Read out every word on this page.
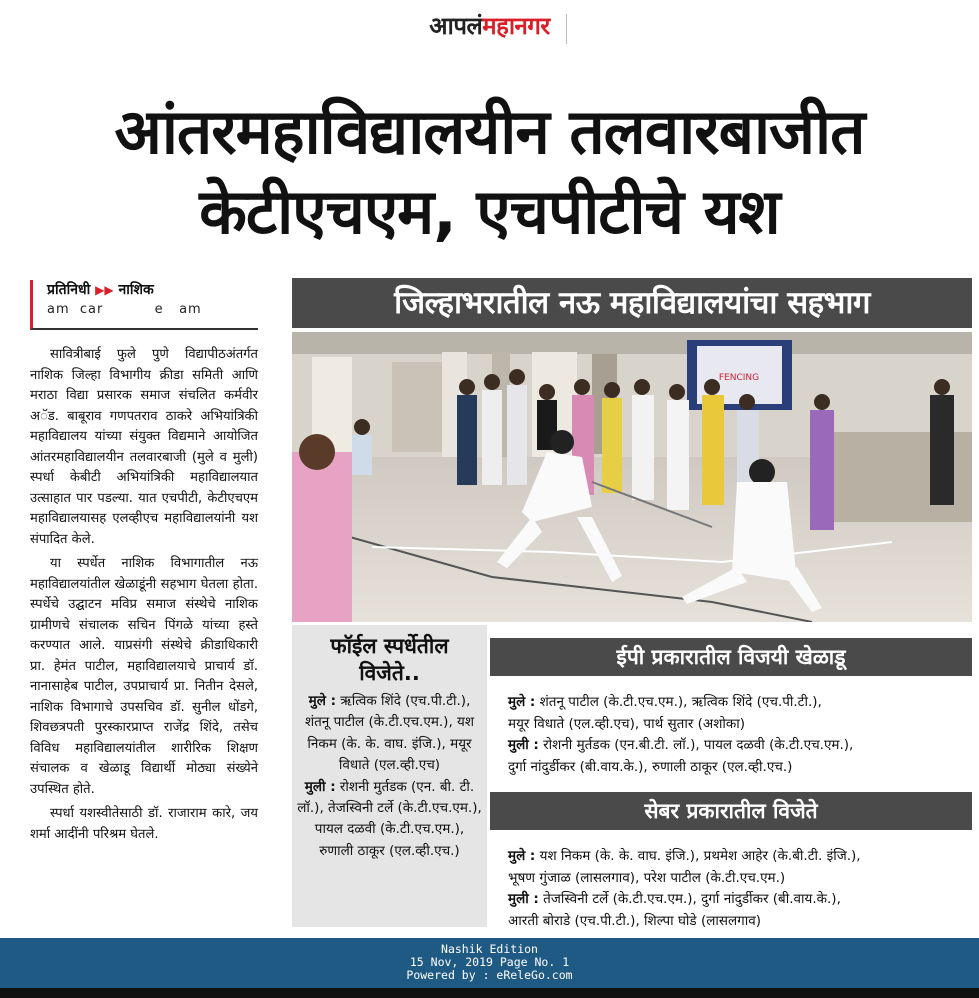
आपलंमहानगर
आंतरमहाविद्यालयीन तलवारबाजीत
केटीएचएम, एचपीटीचे यश
प्रतिनिधी ▶▶ नाशिक
am  car          e   am

सावित्रीबाई फुले पुणे विद्यापीठअंतर्गत नाशिक जिल्हा विभागीय क्रीडा समिती आणि मराठा विद्या प्रसारक समाज संचलित कर्मवीर अॅड. बाबूराव गणपतराव ठाकरे अभियांत्रिकी महाविद्यालय यांच्या संयुक्त विद्यमाने आयोजित आंतरमहाविद्यालयीन तलवारबाजी (मुले व मुली) स्पर्धा केबीटी अभियांत्रिकी महाविद्यालयात उत्साहात पार पडल्या. यात एचपीटी, केटीएचएम महाविद्यालयासह एलव्हीएच महाविद्यालयांनी यश संपादित केले.

या स्पर्धेत नाशिक विभागातील नऊ महाविद्यालयांतील खेळाडूंनी सहभाग घेतला होता. स्पर्धेचे उद्घाटन मविप्र समाज संस्थेचे नाशिक ग्रामीणचे संचालक सचिन पिंगळे यांच्या हस्ते करण्यात आले. याप्रसंगी संस्थेचे क्रीडाधिकारी प्रा. हेमंत पाटील, महाविद्यालयाचे प्राचार्य डॉ. नानासाहेब पाटील, उपप्राचार्य प्रा. नितीन देसले, नाशिक विभागाचे उपसचिव डॉ. सुनील धोंडगे, शिवछत्रपती पुरस्कारप्राप्त राजेंद्र शिंदे, तसेच विविध महाविद्यालयांतील शारीरिक शिक्षण संचालक व खेळाडू विद्यार्थी मोठ्या संख्येने उपस्थित होते.

स्पर्धा यशस्वीतेसाठी डॉ. राजाराम कारे, जय शर्मा आदींनी परिश्रम घेतले.

जिल्हाभरातील नऊ महाविद्यालयांचा सहभाग
FENCING
फॉईल स्पर्धेतील
विजेते..
मुले : ऋत्विक शिंदे (एच.पी.टी.), शंतनू पाटील (के.टी.एच.एम.), यश निकम (के. के. वाघ. इंजि.), मयूर विधाते (एल.व्ही.एच)
मुली : रोशनी मुर्तडक (एन. बी. टी. लॉ.), तेजस्विनी टर्ले (के.टी.एच.एम.), पायल दळवी (के.टी.एच.एम.), रुणाली ठाकूर (एल.व्ही.एच.)
ईपी प्रकारातील विजयी खेळाडू
मुले : शंतनू पाटील (के.टी.एच.एम.), ऋत्विक शिंदे (एच.पी.टी.),
मयूर विधाते (एल.व्ही.एच), पार्थ सुतार (अशोका)
मुली : रोशनी मुर्तडक (एन.बी.टी. लॉ.), पायल दळवी (के.टी.एच.एम.),
दुर्गा नांदुर्डीकर (बी.वाय.के.), रुणाली ठाकूर (एल.व्ही.एच.)
सेबर प्रकारातील विजेते
मुले : यश निकम (के. के. वाघ. इंजि.), प्रथमेश आहेर (के.बी.टी. इंजि.),
भूषण गुंजाळ (लासलगाव), परेश पाटील (के.टी.एच.एम.)
मुली : तेजस्विनी टर्ले (के.टी.एच.एम.), दुर्गा नांदुर्डीकर (बी.वाय.के.),
आरती बोराडे (एच.पी.टी.), शिल्पा घोडे (लासलगाव)
Nashik Edition
15 Nov, 2019 Page No. 1
Powered by : eReleGo.com
